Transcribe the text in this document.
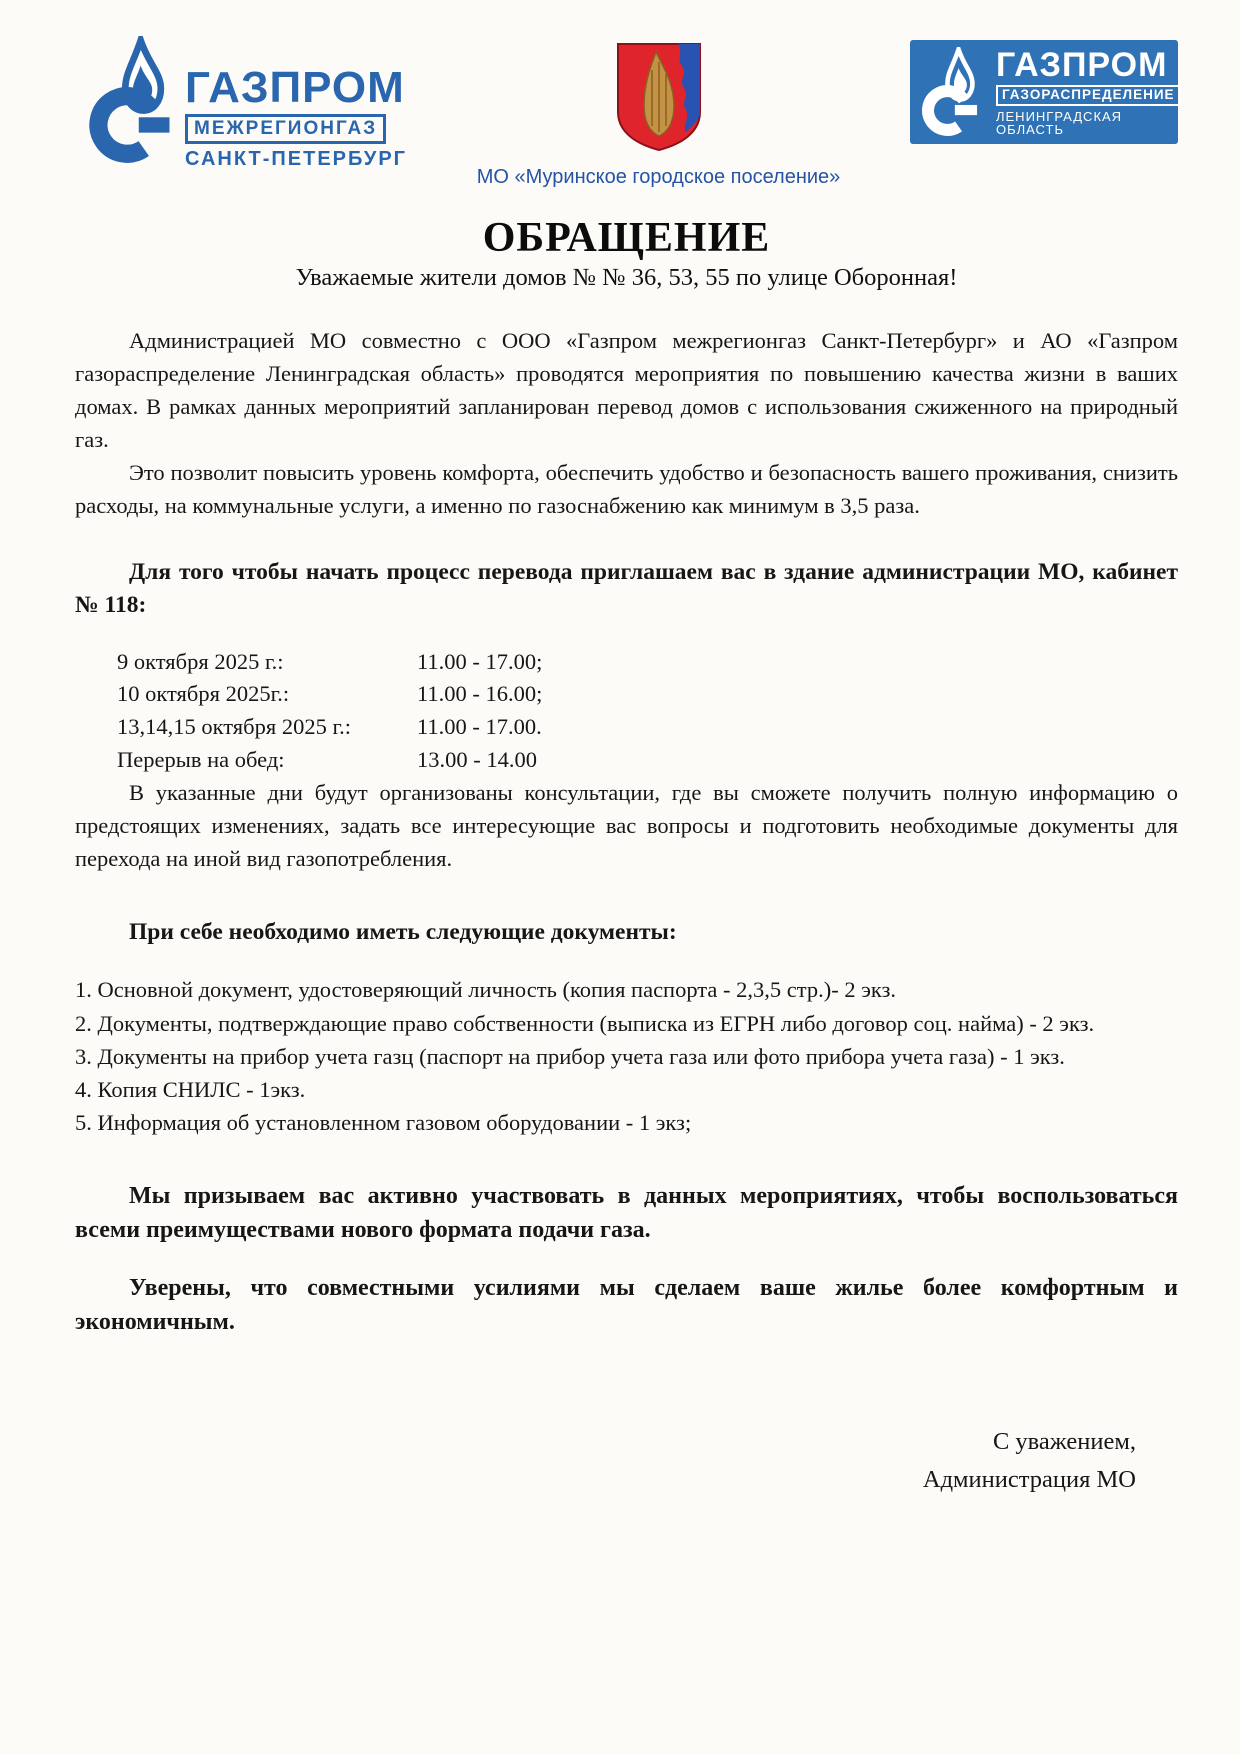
ГАЗПРОМ
МЕЖРЕГИОНГАЗ
САНКТ-ПЕТЕРБУРГ
МО «Муринское городское поселение»
ГАЗПРОМ
ГАЗОРАСПРЕДЕЛЕНИЕ
ЛЕНИНГРАДСКАЯ ОБЛАСТЬ
ОБРАЩЕНИЕ
Уважаемые жители домов № № 36, 53, 55 по улице Оборонная!

Администрацией МО совместно с ООО «Газпром межрегионгаз Санкт-Петербург» и АО «Газпром газораспределение Ленинградская область» проводятся мероприятия по повышению качества жизни в ваших домах. В рамках данных мероприятий запланирован перевод домов с использования сжиженного на природный газ.

Это позволит повысить уровень комфорта, обеспечить удобство и безопасность вашего проживания, снизить расходы, на коммунальные услуги, а именно по газоснабжению как минимум в 3,5 раза.

Для того чтобы начать процесс перевода приглашаем вас в здание администрации МО, кабинет № 118:

9 октября 2025 г.:	11.00 - 17.00;
10 октября 2025г.:	11.00 - 16.00;
13,14,15 октября 2025 г.:	11.00 - 17.00.
Перерыв на обед:	13.00 - 14.00

В указанные дни будут организованы консультации, где вы сможете получить полную информацию о предстоящих изменениях, задать все интересующие вас вопросы и подготовить необходимые документы для перехода на иной вид газопотребления.

При себе необходимо иметь следующие документы:

1. Основной документ, удостоверяющий личность (копия паспорта - 2,3,5 стр.)- 2 экз.

2. Документы, подтверждающие право собственности (выписка из ЕГРН либо договор соц. найма) - 2 экз.

3. Документы на прибор учета газц (паспорт на прибор учета газа или фото прибора учета газа) - 1 экз.

4. Копия СНИЛС - 1экз.

5. Информация об установленном газовом оборудовании - 1 экз;

Мы призываем вас активно участвовать в данных мероприятиях, чтобы воспользоваться всеми преимуществами нового формата подачи газа.

Уверены, что совместными усилиями мы сделаем ваше жилье более комфортным и экономичным.

С уважением,
Администрация МО
